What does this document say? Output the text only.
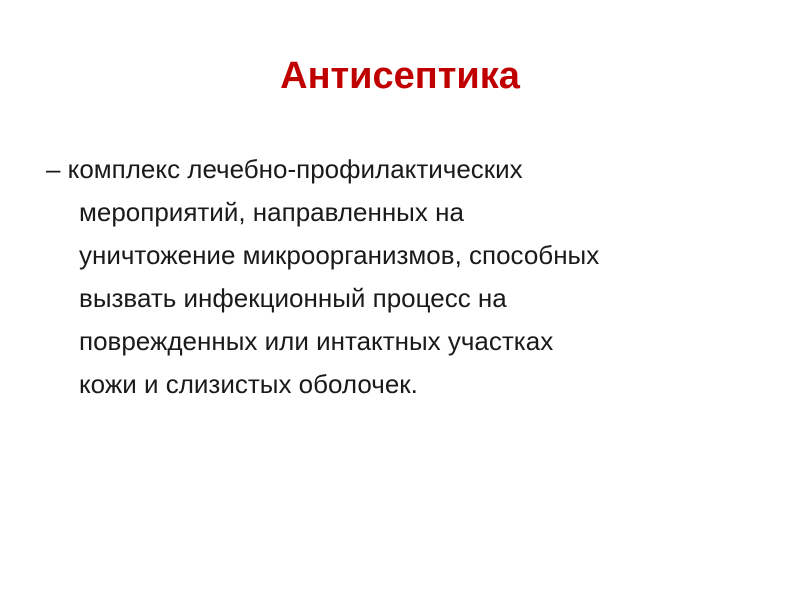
Антисептика
– комплекс лечебно-профилактических
мероприятий, направленных на
уничтожение микроорганизмов, способных
вызвать инфекционный процесс на
поврежденных или интактных участках
кожи и слизистых оболочек.
